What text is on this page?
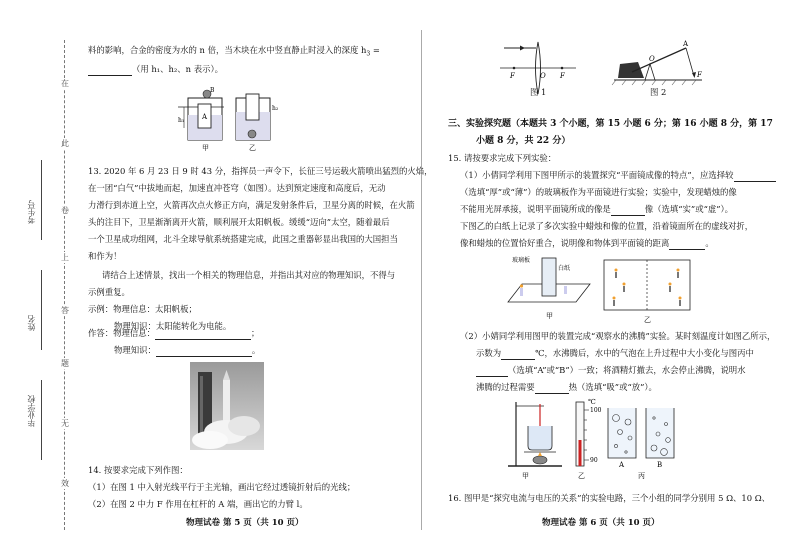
在
此
卷
上
答
题
无
效
考生号
姓名
毕业学校
料的影响，合金的密度为水的 n 倍，当木块在水中竖直静止时浸入的深度 $h_3$ =
（用 h₁、h₂、n 表示）。
h₁	A
B
h₂
甲	乙
13. 2020 年 6 月 23 日 9 时 43 分，指挥员一声令下，长征三号运载火箭喷出猛烈的火焰，
在一团“白气”中拔地而起，加速直冲苍穹（如图）。达到预定速度和高度后，无动
力滑行到赤道上空，火箭再次点火修正方向，满足发射条件后，卫星分离的时候，在火箭
头的注目下，卫星渐渐离开火箭，顺利展开太阳帆板。缓缓“迈向”太空，随着最后
一个卫星成功组网，北斗全球导航系统搭建完成，此国之重器彰显出我国的大国担当
和作为！
请结合上述情景，找出一个相关的物理信息，并指出其对应的物理知识，不得与
示例重复。
示例：物理信息：太阳帆板；
物理知识：太阳能转化为电能。
作答：物理信息：	；
物理知识：	。
14. 按要求完成下列作图：
（1）在图 1 中入射光线平行于主光轴，画出它经过透镜折射后的光线；
（2）在图 2 中力 F 作用在杠杆的 A 端，画出它的力臂 l。
物理试卷 第 5 页（共 10 页）
F	O F
图 1
A
O
F
图 2
三、实验探究题（本题共 3 个小题，第 15 小题 6 分；第 16 小题 8 分，第 17
小题 8 分，共 22 分）
15. 请按要求完成下列实验：
（1）小倩同学利用下图甲所示的装置探究“平面镜成像的特点”，应选择较
（选填“厚”或“薄”）的玻璃板作为平面镜进行实验；实验中，发现蜡烛的像
不能用光屏承接，说明平面镜所成的像是	像（选填“实”或“虚”）。
下图乙的白纸上记录了多次实验中蜡烛和像的位置，沿着镜面所在的虚线对折，
像和蜡烛的位置恰好重合，说明像和物体到平面镜的距离	。
玻璃板
白纸
甲	乙
（2）小婧同学利用图甲的装置完成“观察水的沸腾”实验。某时刻温度计如图乙所示，
示数为	℃，水沸腾后，水中的气泡在上升过程中大小变化与图丙中
（选填“A”或“B”）一致；将酒精灯撤去，水会停止沸腾，说明水
沸腾的过程需要	热（选填“吸”或“放”）。
甲
℃
100
90
乙
A	B
丙
16. 图甲是“探究电流与电压的关系”的实验电路，三个小组的同学分别用 5 Ω、10 Ω、
物理试卷 第 6 页（共 10 页）
